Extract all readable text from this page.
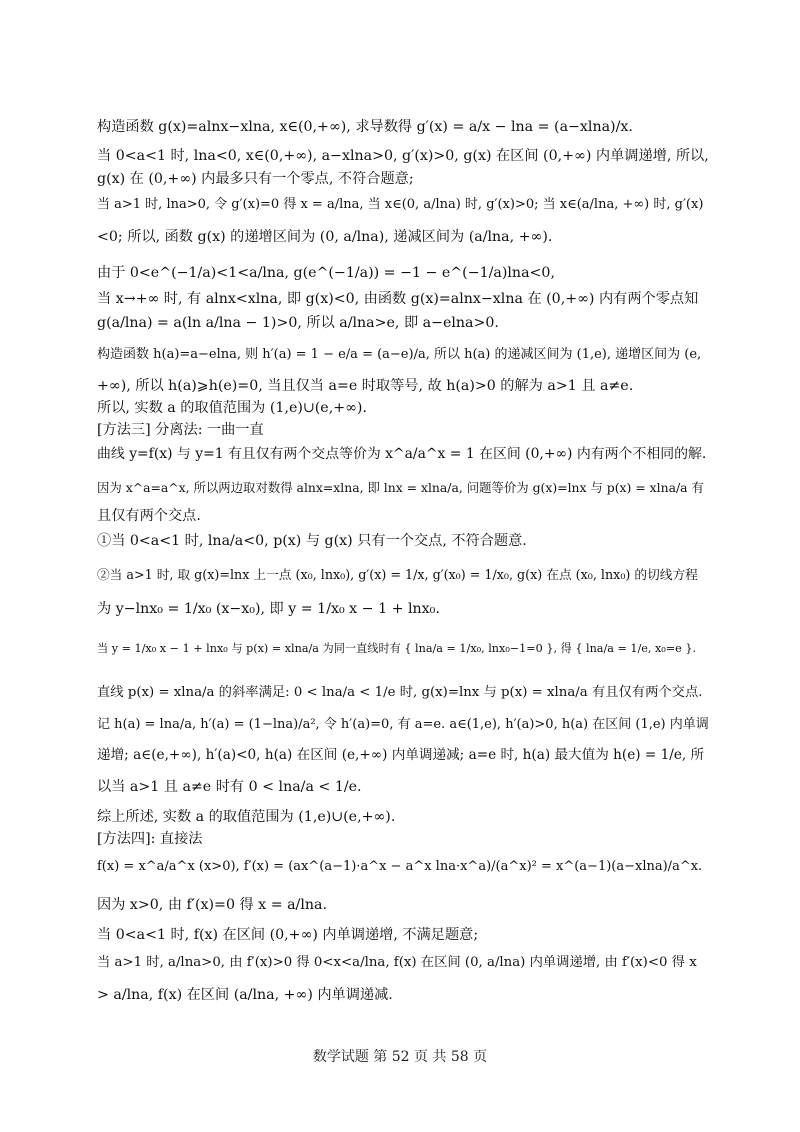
构造函数 g(x)=alnx−xlna, x∈(0,+∞), 求导数得 g′(x) = a/x − lna = (a−xlna)/x.
当 0<a<1 时, lna<0, x∈(0,+∞), a−xlna>0, g′(x)>0, g(x) 在区间 (0,+∞) 内单调递增, 所以,
g(x) 在 (0,+∞) 内最多只有一个零点, 不符合题意;
当 a>1 时, lna>0, 令 g′(x)=0 得 x = a/lna, 当 x∈(0, a/lna) 时, g′(x)>0; 当 x∈(a/lna, +∞) 时, g′(x)
<0; 所以, 函数 g(x) 的递增区间为 (0, a/lna), 递减区间为 (a/lna, +∞).
由于 0<e^(−1/a)<1<a/lna, g(e^(−1/a)) = −1 − e^(−1/a)lna<0,
当 x→+∞ 时, 有 alnx<xlna, 即 g(x)<0, 由函数 g(x)=alnx−xlna 在 (0,+∞) 内有两个零点知
g(a/lna) = a(ln a/lna − 1)>0, 所以 a/lna>e, 即 a−elna>0.
构造函数 h(a)=a−elna, 则 h′(a) = 1 − e/a = (a−e)/a, 所以 h(a) 的递减区间为 (1,e), 递增区间为 (e,
+∞), 所以 h(a)⩾h(e)=0, 当且仅当 a=e 时取等号, 故 h(a)>0 的解为 a>1 且 a≠e.
所以, 实数 a 的取值范围为 (1,e)∪(e,+∞).
[方法三] 分离法: 一曲一直
曲线 y=f(x) 与 y=1 有且仅有两个交点等价为 x^a/a^x = 1 在区间 (0,+∞) 内有两个不相同的解.
因为 x^a=a^x, 所以两边取对数得 alnx=xlna, 即 lnx = xlna/a, 问题等价为 g(x)=lnx 与 p(x) = xlna/a 有
且仅有两个交点.
①当 0<a<1 时, lna/a<0, p(x) 与 g(x) 只有一个交点, 不符合题意.
②当 a>1 时, 取 g(x)=lnx 上一点 (x₀, lnx₀), g′(x) = 1/x, g′(x₀) = 1/x₀, g(x) 在点 (x₀, lnx₀) 的切线方程
为 y−lnx₀ = 1/x₀ (x−x₀), 即 y = 1/x₀ x − 1 + lnx₀.
当 y = 1/x₀ x − 1 + lnx₀ 与 p(x) = xlna/a 为同一直线时有 { lna/a = 1/x₀, lnx₀−1=0 }, 得 { lna/a = 1/e, x₀=e }.
直线 p(x) = xlna/a 的斜率满足: 0 < lna/a < 1/e 时, g(x)=lnx 与 p(x) = xlna/a 有且仅有两个交点.
记 h(a) = lna/a, h′(a) = (1−lna)/a², 令 h′(a)=0, 有 a=e. a∈(1,e), h′(a)>0, h(a) 在区间 (1,e) 内单调
递增; a∈(e,+∞), h′(a)<0, h(a) 在区间 (e,+∞) 内单调递减; a=e 时, h(a) 最大值为 h(e) = 1/e, 所
以当 a>1 且 a≠e 时有 0 < lna/a < 1/e.
综上所述, 实数 a 的取值范围为 (1,e)∪(e,+∞).
[方法四]: 直接法
f(x) = x^a/a^x (x>0), f′(x) = (ax^(a−1)·a^x − a^x lna·x^a)/(a^x)² = x^(a−1)(a−xlna)/a^x.
因为 x>0, 由 f′(x)=0 得 x = a/lna.
当 0<a<1 时, f(x) 在区间 (0,+∞) 内单调递增, 不满足题意;
当 a>1 时, a/lna>0, 由 f′(x)>0 得 0<x<a/lna, f(x) 在区间 (0, a/lna) 内单调递增, 由 f′(x)<0 得 x
> a/lna, f(x) 在区间 (a/lna, +∞) 内单调递减.
数学试题 第 52 页 共 58 页
